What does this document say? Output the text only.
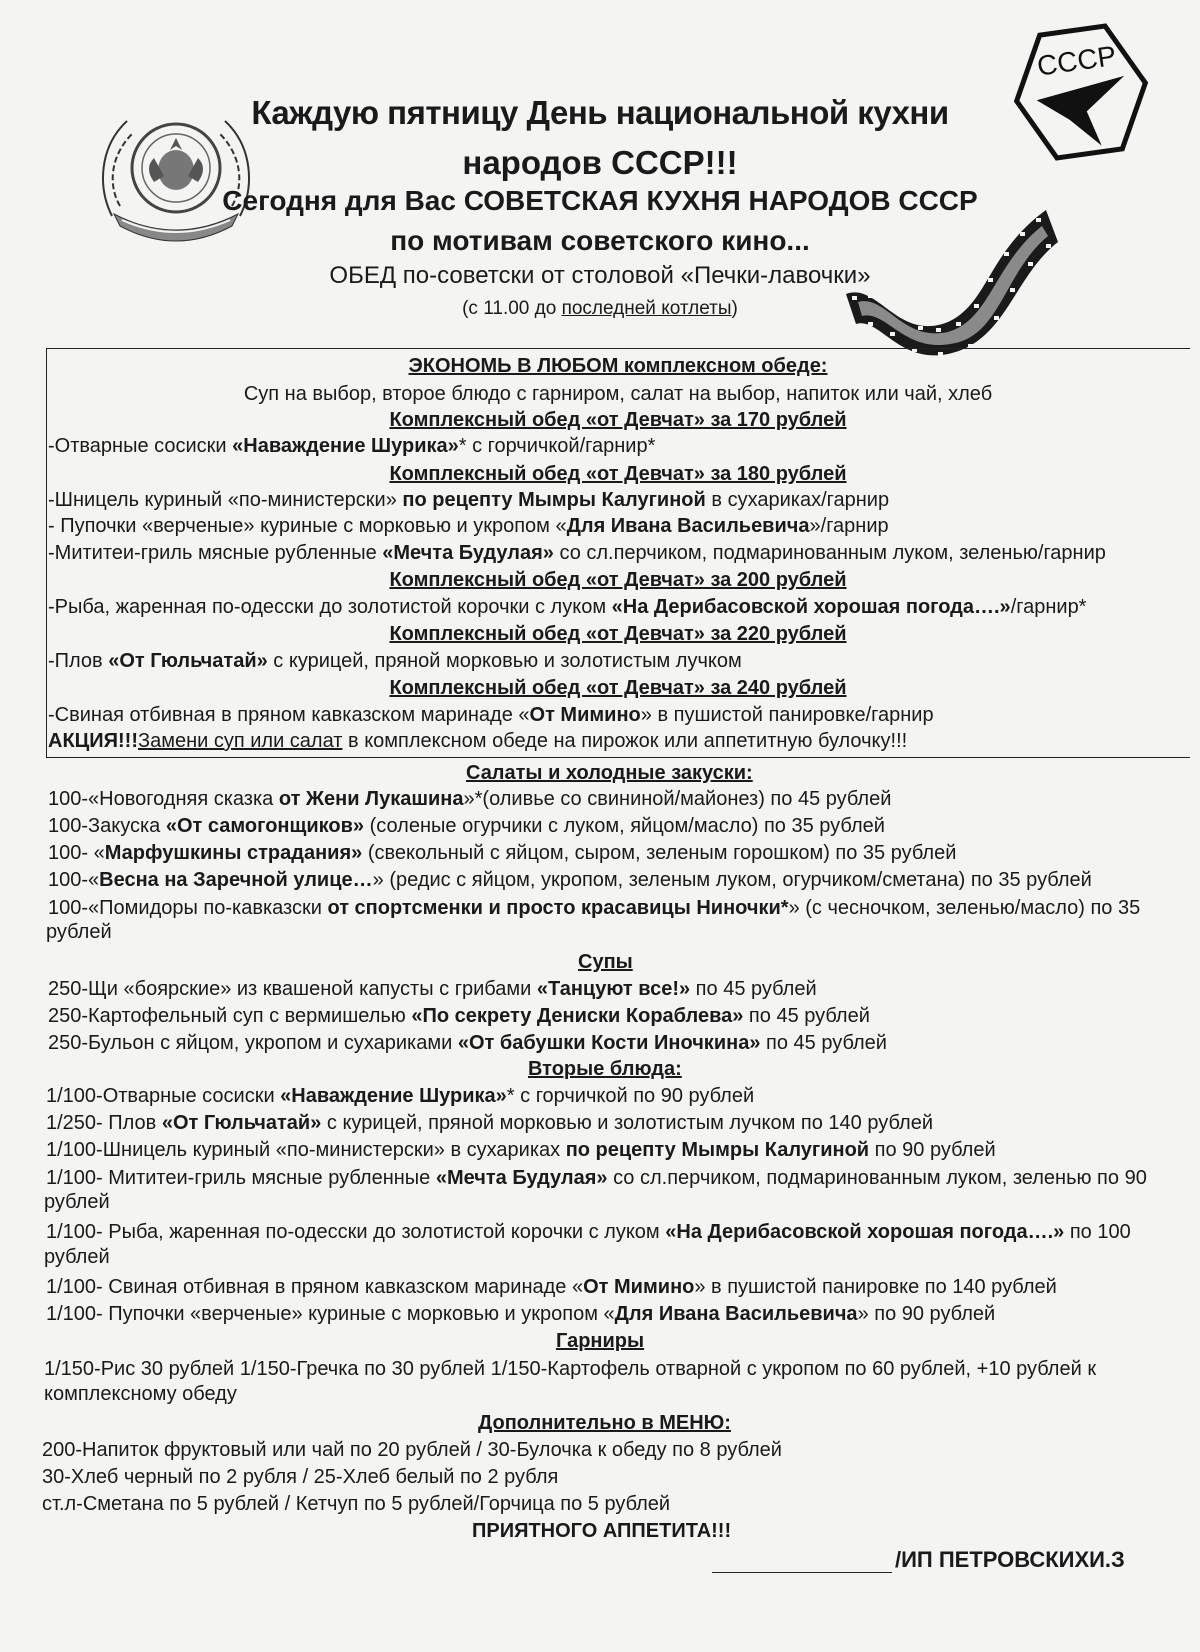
СССР
Каждую пятницу День национальной кухни
народов СССР!!!
Сегодня для Вас СОВЕТСКАЯ КУХНЯ НАРОДОВ СССР
по мотивам советского кино...
ОБЕД по-советски от столовой «Печки-лавочки»
(с 11.00 до последней котлеты)
ЭКОНОМЬ В ЛЮБОМ комплексном обеде:
Суп на выбор, второе блюдо с гарниром, салат на выбор, напиток или чай, хлеб
Комплексный обед «от Девчат» за 170 рублей
-Отварные сосиски «Наваждение Шурика»* с горчичкой/гарнир*
Комплексный обед «от Девчат» за 180 рублей
-Шницель куриный «по-министерски» по рецепту Мымры Калугиной в сухариках/гарнир
- Пупочки «верченые» куриные с морковью и укропом «Для Ивана Васильевича»/гарнир
-Мититеи-гриль мясные рубленные «Мечта Будулая» со сл.перчиком, подмаринованным луком, зеленью/гарнир
Комплексный обед «от Девчат» за 200 рублей
-Рыба, жаренная по-одесски до золотистой корочки с луком «На Дерибасовской хорошая погода….»/гарнир*
Комплексный обед «от Девчат» за 220 рублей
-Плов «От Гюльчатай» с курицей, пряной морковью и золотистым лучком
Комплексный обед «от Девчат» за 240 рублей
-Свиная отбивная в пряном кавказском маринаде «От Мимино» в пушистой панировке/гарнир
АКЦИЯ!!!Замени суп или салат в комплексном обеде на пирожок или аппетитную булочку!!!
Салаты и холодные закуски:
100-«Новогодняя сказка от Жени Лукашина»*(оливье со свининой/майонез) по 45 рублей
100-Закуска «От самогонщиков» (соленые огурчики с луком, яйцом/масло) по 35 рублей
100- «Марфушкины страдания» (свекольный с яйцом, сыром, зеленым горошком) по 35 рублей
100-«Весна на Заречной улице…» (редис с яйцом, укропом, зеленым луком, огурчиком/сметана) по 35 рублей
100-«Помидоры по-кавказски от спортсменки и просто красавицы Ниночки*» (с чесночком, зеленью/масло) по 35
рублей
Супы
250-Щи «боярские» из квашеной капусты с грибами «Танцуют все!» по 45 рублей
250-Картофельный суп с вермишелью «По секрету Дениски Кораблева» по 45 рублей
250-Бульон с яйцом, укропом и сухариками «От бабушки Кости Иночкина» по 45 рублей
Вторые блюда:
1/100-Отварные сосиски «Наваждение Шурика»* с горчичкой по 90 рублей
1/250- Плов «От Гюльчатай» с курицей, пряной морковью и золотистым лучком по 140 рублей
1/100-Шницель куриный «по-министерски» в сухариках по рецепту Мымры Калугиной по 90 рублей
1/100- Мититеи-гриль мясные рубленные «Мечта Будулая» со сл.перчиком, подмаринованным луком, зеленью по 90
рублей
1/100- Рыба, жаренная по-одесски до золотистой корочки с луком «На Дерибасовской хорошая погода….» по 100
рублей
1/100- Свиная отбивная в пряном кавказском маринаде «От Мимино» в пушистой панировке по 140 рублей
1/100- Пупочки «верченые» куриные с морковью и укропом «Для Ивана Васильевича» по 90 рублей
Гарниры
1/150-Рис 30 рублей 1/150-Гречка по 30 рублей 1/150-Картофель отварной с укропом по 60 рублей, +10 рублей к
комплексному обеду
Дополнительно в МЕНЮ:
200-Напиток фруктовый или чай по 20 рублей / 30-Булочка к обеду по 8 рублей
30-Хлеб черный по 2 рубля / 25-Хлеб белый по 2 рубля
ст.л-Сметана по 5 рублей / Кетчуп по 5 рублей/Горчица по 5 рублей
ПРИЯТНОГО АППЕТИТА!!!
/ИП ПЕТРОВСКИХИ.З
